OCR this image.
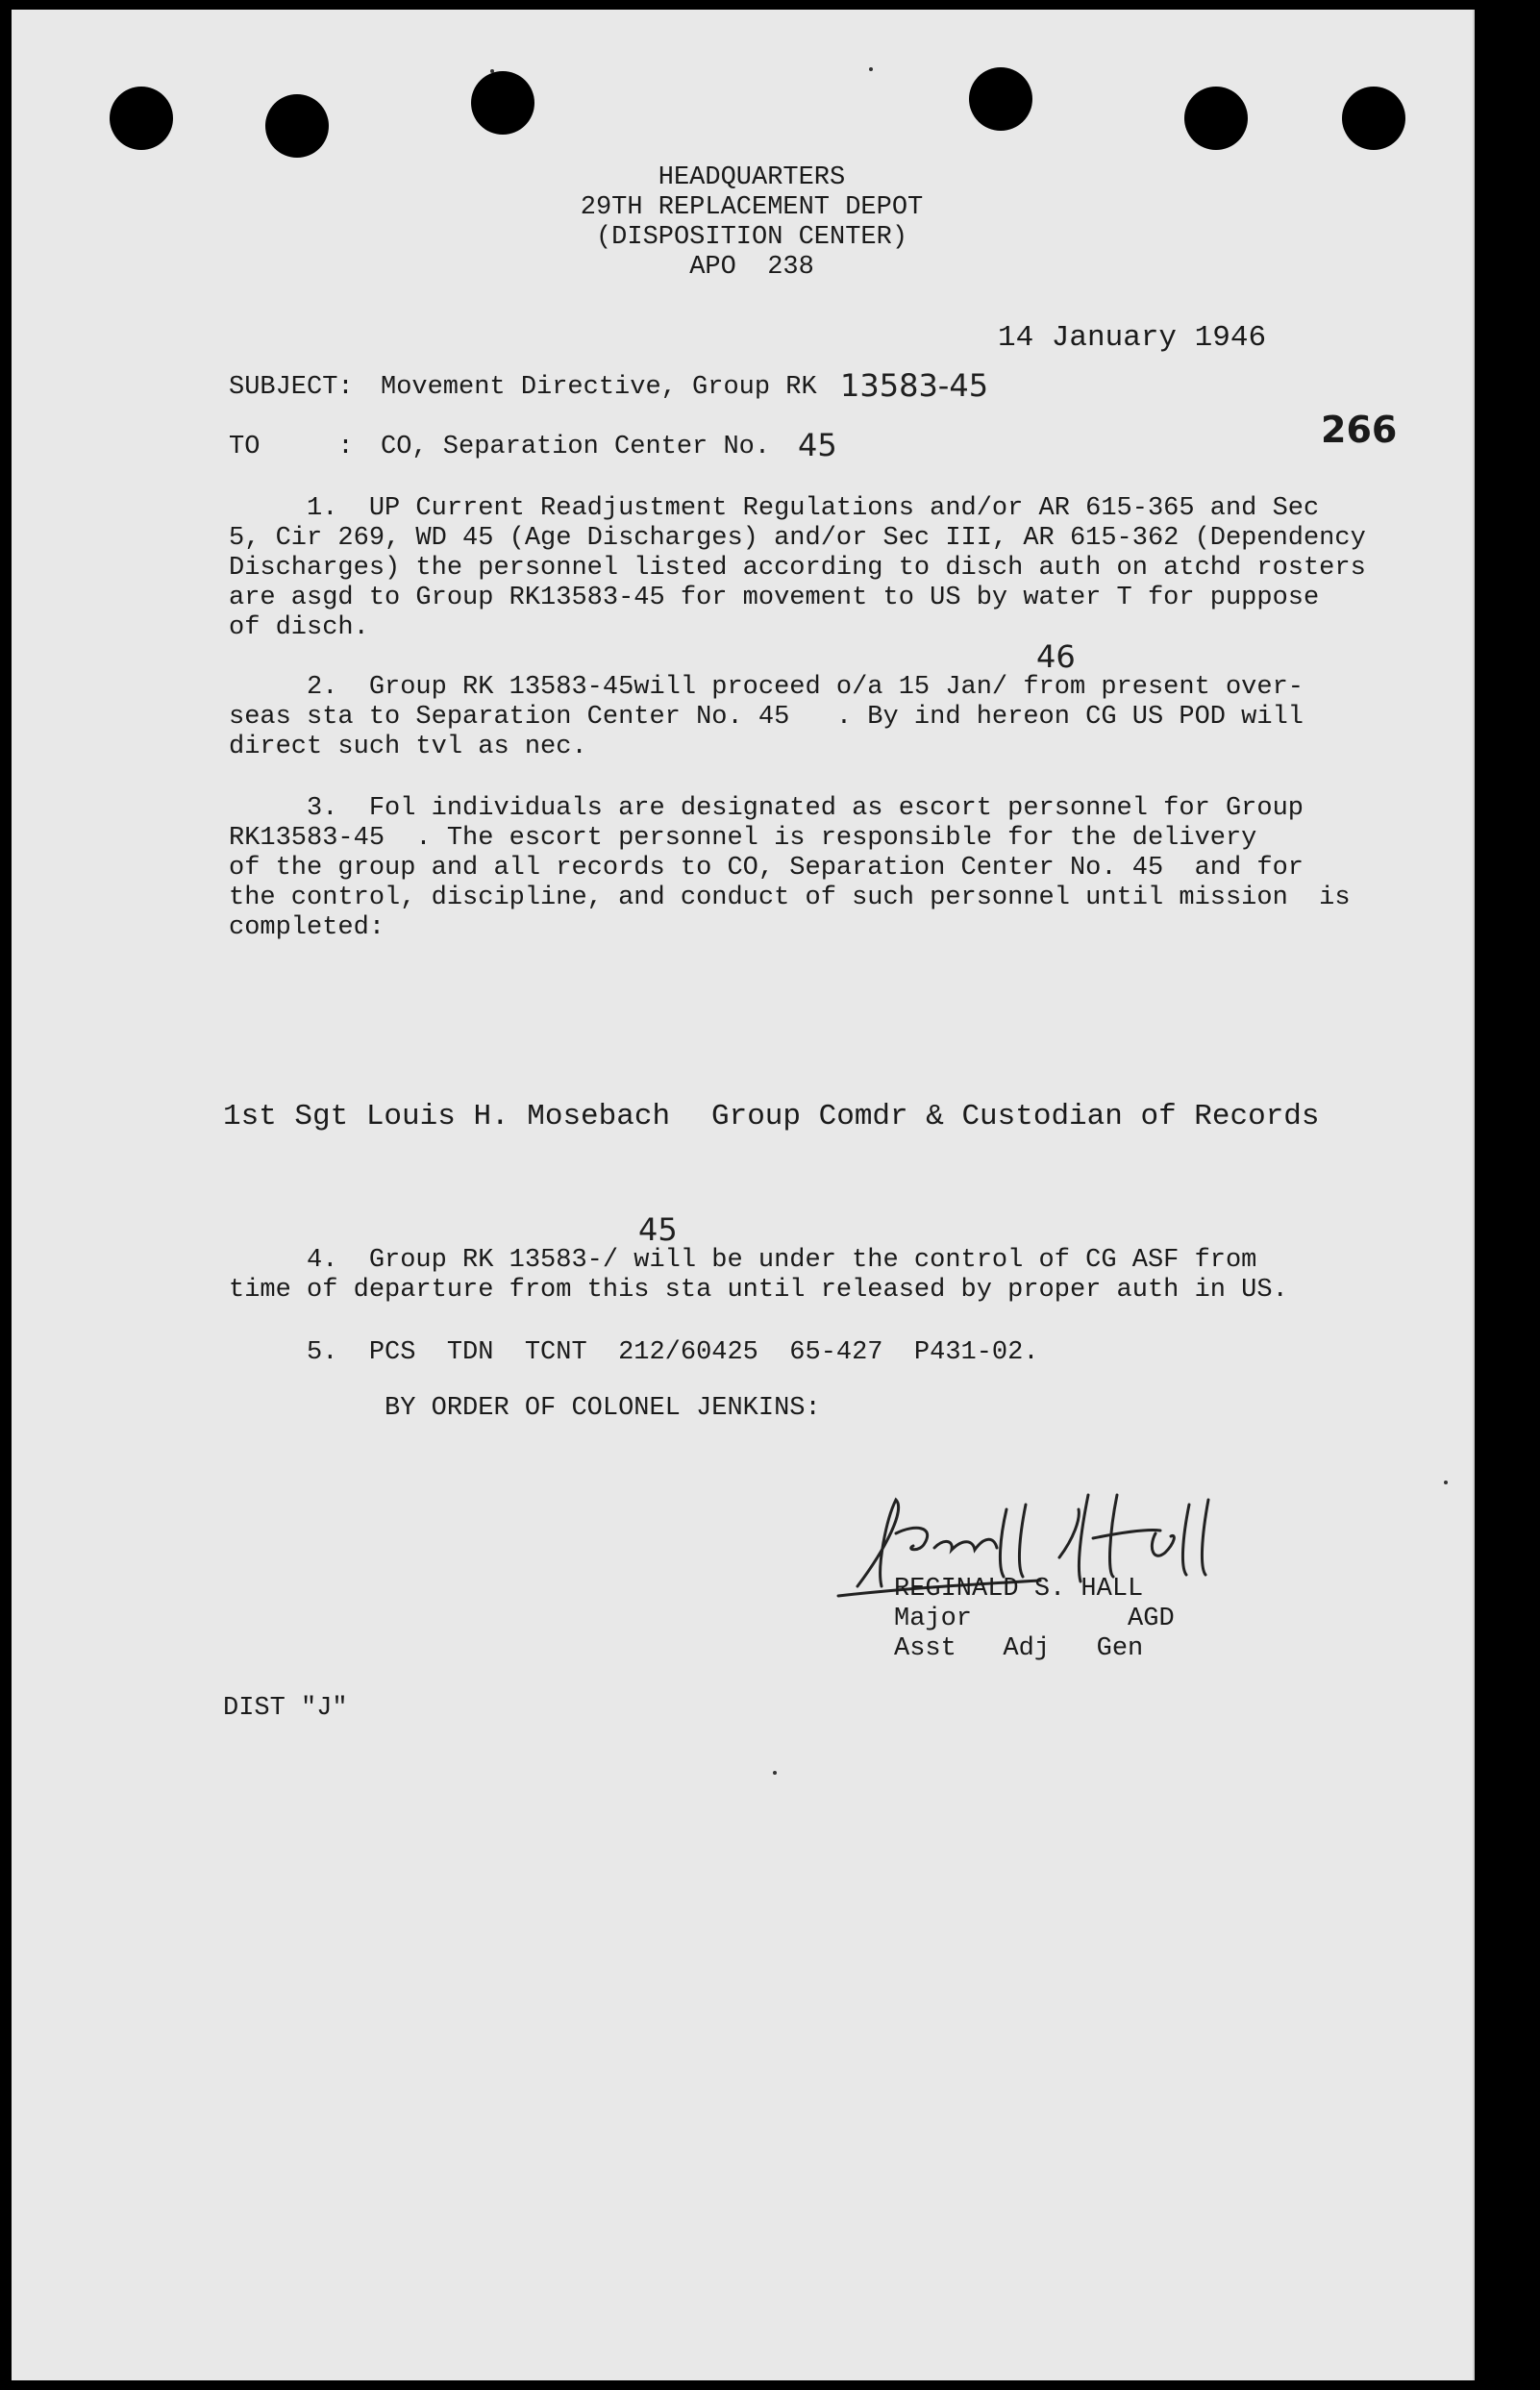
HEADQUARTERS
29TH REPLACEMENT DEPOT
(DISPOSITION CENTER)
APO  238
14 January 1946
SUBJECT: Movement Directive, Group RK 13583-45
266
TO     : CO, Separation Center No. 45
1.  UP Current Readjustment Regulations and/or AR 615-365 and Sec
5, Cir 269, WD 45 (Age Discharges) and/or Sec III, AR 615-362 (Dependency
Discharges) the personnel listed according to disch auth on atchd rosters
are asgd to Group RK13583-45 for movement to US by water T for puppose
of disch.
46
2.  Group RK 13583-45will proceed o/a 15 Jan/ from present over-
seas sta to Separation Center No. 45   . By ind hereon CG US POD will
direct such tvl as nec.
3.  Fol individuals are designated as escort personnel for Group
RK13583-45  . The escort personnel is responsible for the delivery
of the group and all records to CO, Separation Center No. 45  and for
the control, discipline, and conduct of such personnel until mission  is
completed:
1st Sgt Louis H. Mosebach Group Comdr & Custodian of Records
45
4.  Group RK 13583-/ will be under the control of CG ASF from
time of departure from this sta until released by proper auth in US.
5.  PCS  TDN  TCNT  212/60425  65-427  P431-02.
BY ORDER OF COLONEL JENKINS:
REGINALD S. HALL
Major          AGD
Asst   Adj   Gen
DIST "J"
